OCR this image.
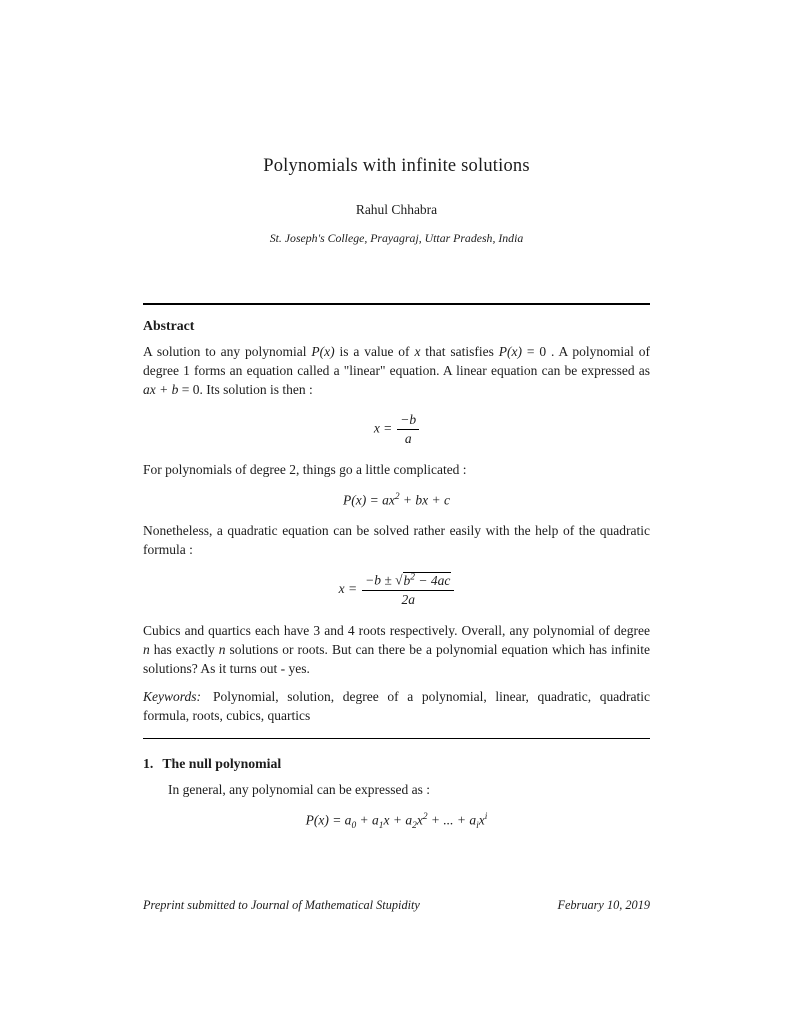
Polynomials with infinite solutions
Rahul Chhabra
St. Joseph's College, Prayagraj, Uttar Pradesh, India
Abstract

A solution to any polynomial P(x) is a value of x that satisfies P(x) = 0 . A polynomial of degree 1 forms an equation called a "linear" equation. A linear equation can be expressed as ax + b = 0. Its solution is then :

$x = \frac{-b}{a}$

For polynomials of degree 2, things go a little complicated :

$P(x) = ax^2$ + bx + c

Nonetheless, a quadratic equation can be solved rather easily with the help of the quadratic formula :

$x = \frac{-b \pm √b^2 - 4ac}{2a}$

Cubics and quartics each have 3 and 4 roots respectively. Overall, any polynomial of degree n has exactly n solutions or roots. But can there be a polynomial equation which has infinite solutions? As it turns out - yes.

Keywords: Polynomial, solution, degree of a polynomial, linear, quadratic, quadratic formula, roots, cubics, quartics

1. The null polynomial

In general, any polynomial can be expressed as :

$P(x) = a_0 + a_1x + a_2x^2$ + ... + $a_ix^i$
Preprint submitted to Journal of Mathematical Stupidity	February 10, 2019
